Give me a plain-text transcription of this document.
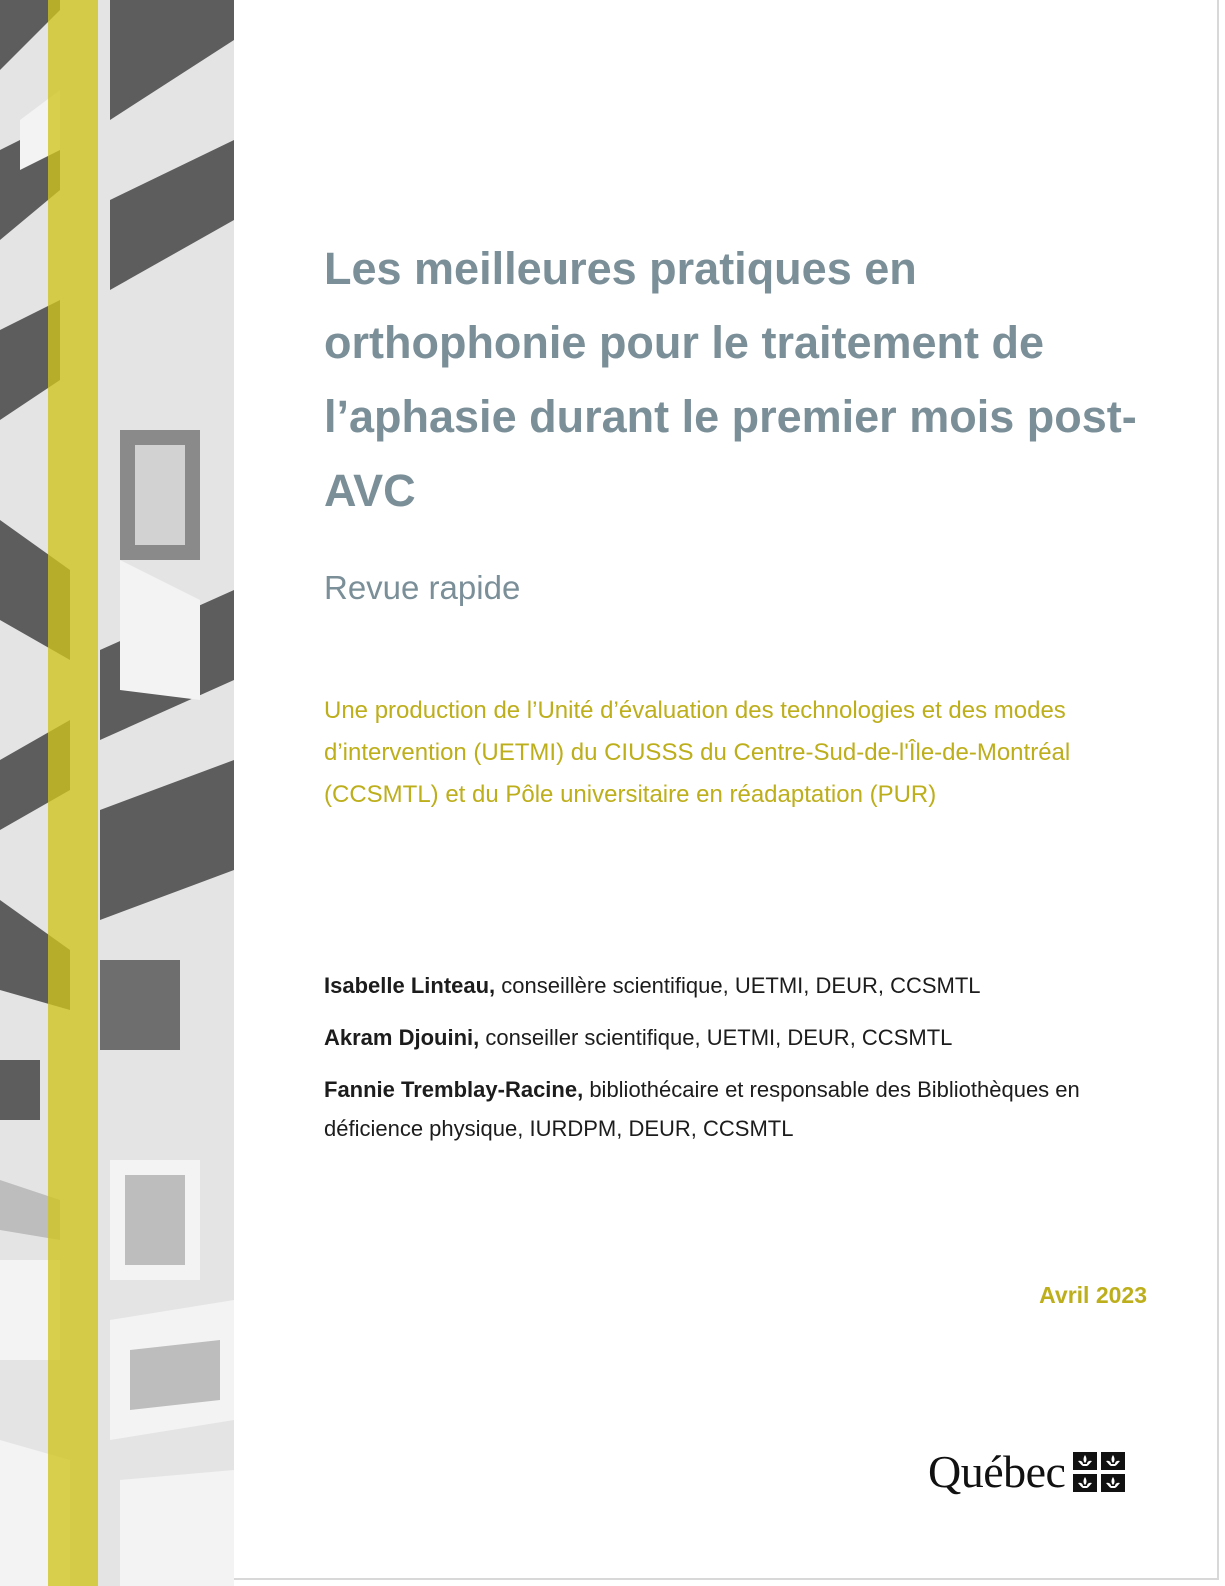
Les meilleures pratiques en orthophonie pour le traitement de l’aphasie durant le premier mois post-AVC

Revue rapide

Une production de l’Unité d’évaluation des technologies et des modes d’intervention (UETMI) du CIUSSS du Centre-Sud-de-l'Île-de-Montréal (CCSMTL) et du Pôle universitaire en réadaptation (PUR)

Isabelle Linteau, conseillère scientifique, UETMI, DEUR, CCSMTL

Akram Djouini, conseiller scientifique, UETMI, DEUR, CCSMTL

Fannie Tremblay-Racine, bibliothécaire et responsable des Bibliothèques en déficience physique, IURDPM, DEUR, CCSMTL

Avril 2023

Québec
